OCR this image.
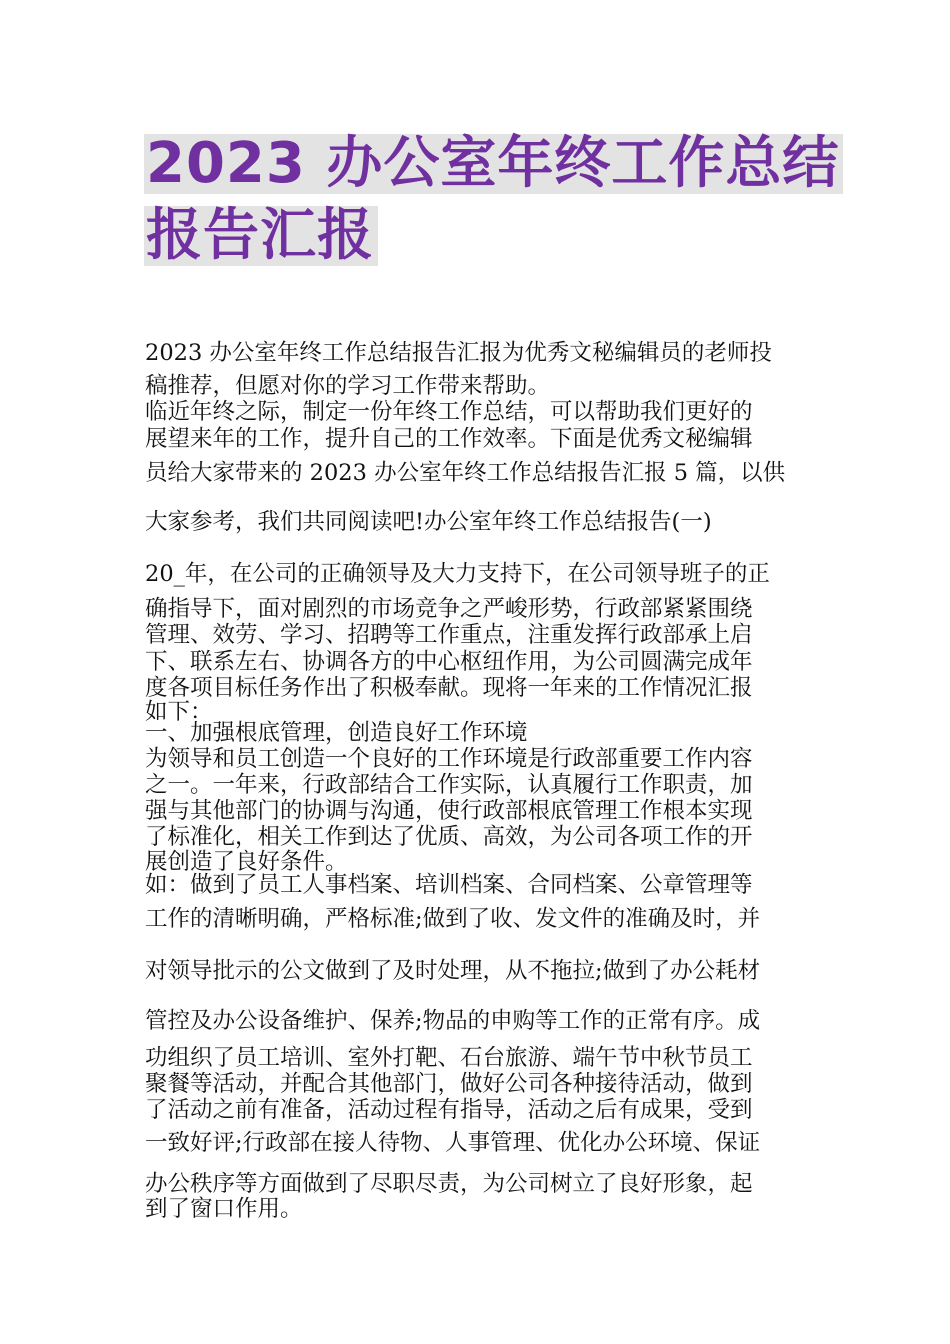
2023 办公室年终工作总结
报告汇报
2023 办公室年终工作总结报告汇报为优秀文秘编辑员的老师投
稿推荐，但愿对你的学习工作带来帮助。
临近年终之际，制定一份年终工作总结，可以帮助我们更好的
展望来年的工作，提升自己的工作效率。下面是优秀文秘编辑
员给大家带来的 2023 办公室年终工作总结报告汇报 5 篇，以供
大家参考，我们共同阅读吧!办公室年终工作总结报告(一)
20_年，在公司的正确领导及大力支持下，在公司领导班子的正
确指导下，面对剧烈的市场竞争之严峻形势，行政部紧紧围绕
管理、效劳、学习、招聘等工作重点，注重发挥行政部承上启
下、联系左右、协调各方的中心枢纽作用，为公司圆满完成年
度各项目标任务作出了积极奉献。现将一年来的工作情况汇报
如下：
一、加强根底管理，创造良好工作环境
为领导和员工创造一个良好的工作环境是行政部重要工作内容
之一。一年来，行政部结合工作实际，认真履行工作职责，加
强与其他部门的协调与沟通，使行政部根底管理工作根本实现
了标准化，相关工作到达了优质、高效，为公司各项工作的开
展创造了良好条件。
如：做到了员工人事档案、培训档案、合同档案、公章管理等
工作的清晰明确，严格标准;做到了收、发文件的准确及时，并
对领导批示的公文做到了及时处理，从不拖拉;做到了办公耗材
管控及办公设备维护、保养;物品的申购等工作的正常有序。成
功组织了员工培训、室外打靶、石台旅游、端午节中秋节员工
聚餐等活动，并配合其他部门，做好公司各种接待活动，做到
了活动之前有准备，活动过程有指导，活动之后有成果，受到
一致好评;行政部在接人待物、人事管理、优化办公环境、保证
办公秩序等方面做到了尽职尽责，为公司树立了良好形象，起
到了窗口作用。
